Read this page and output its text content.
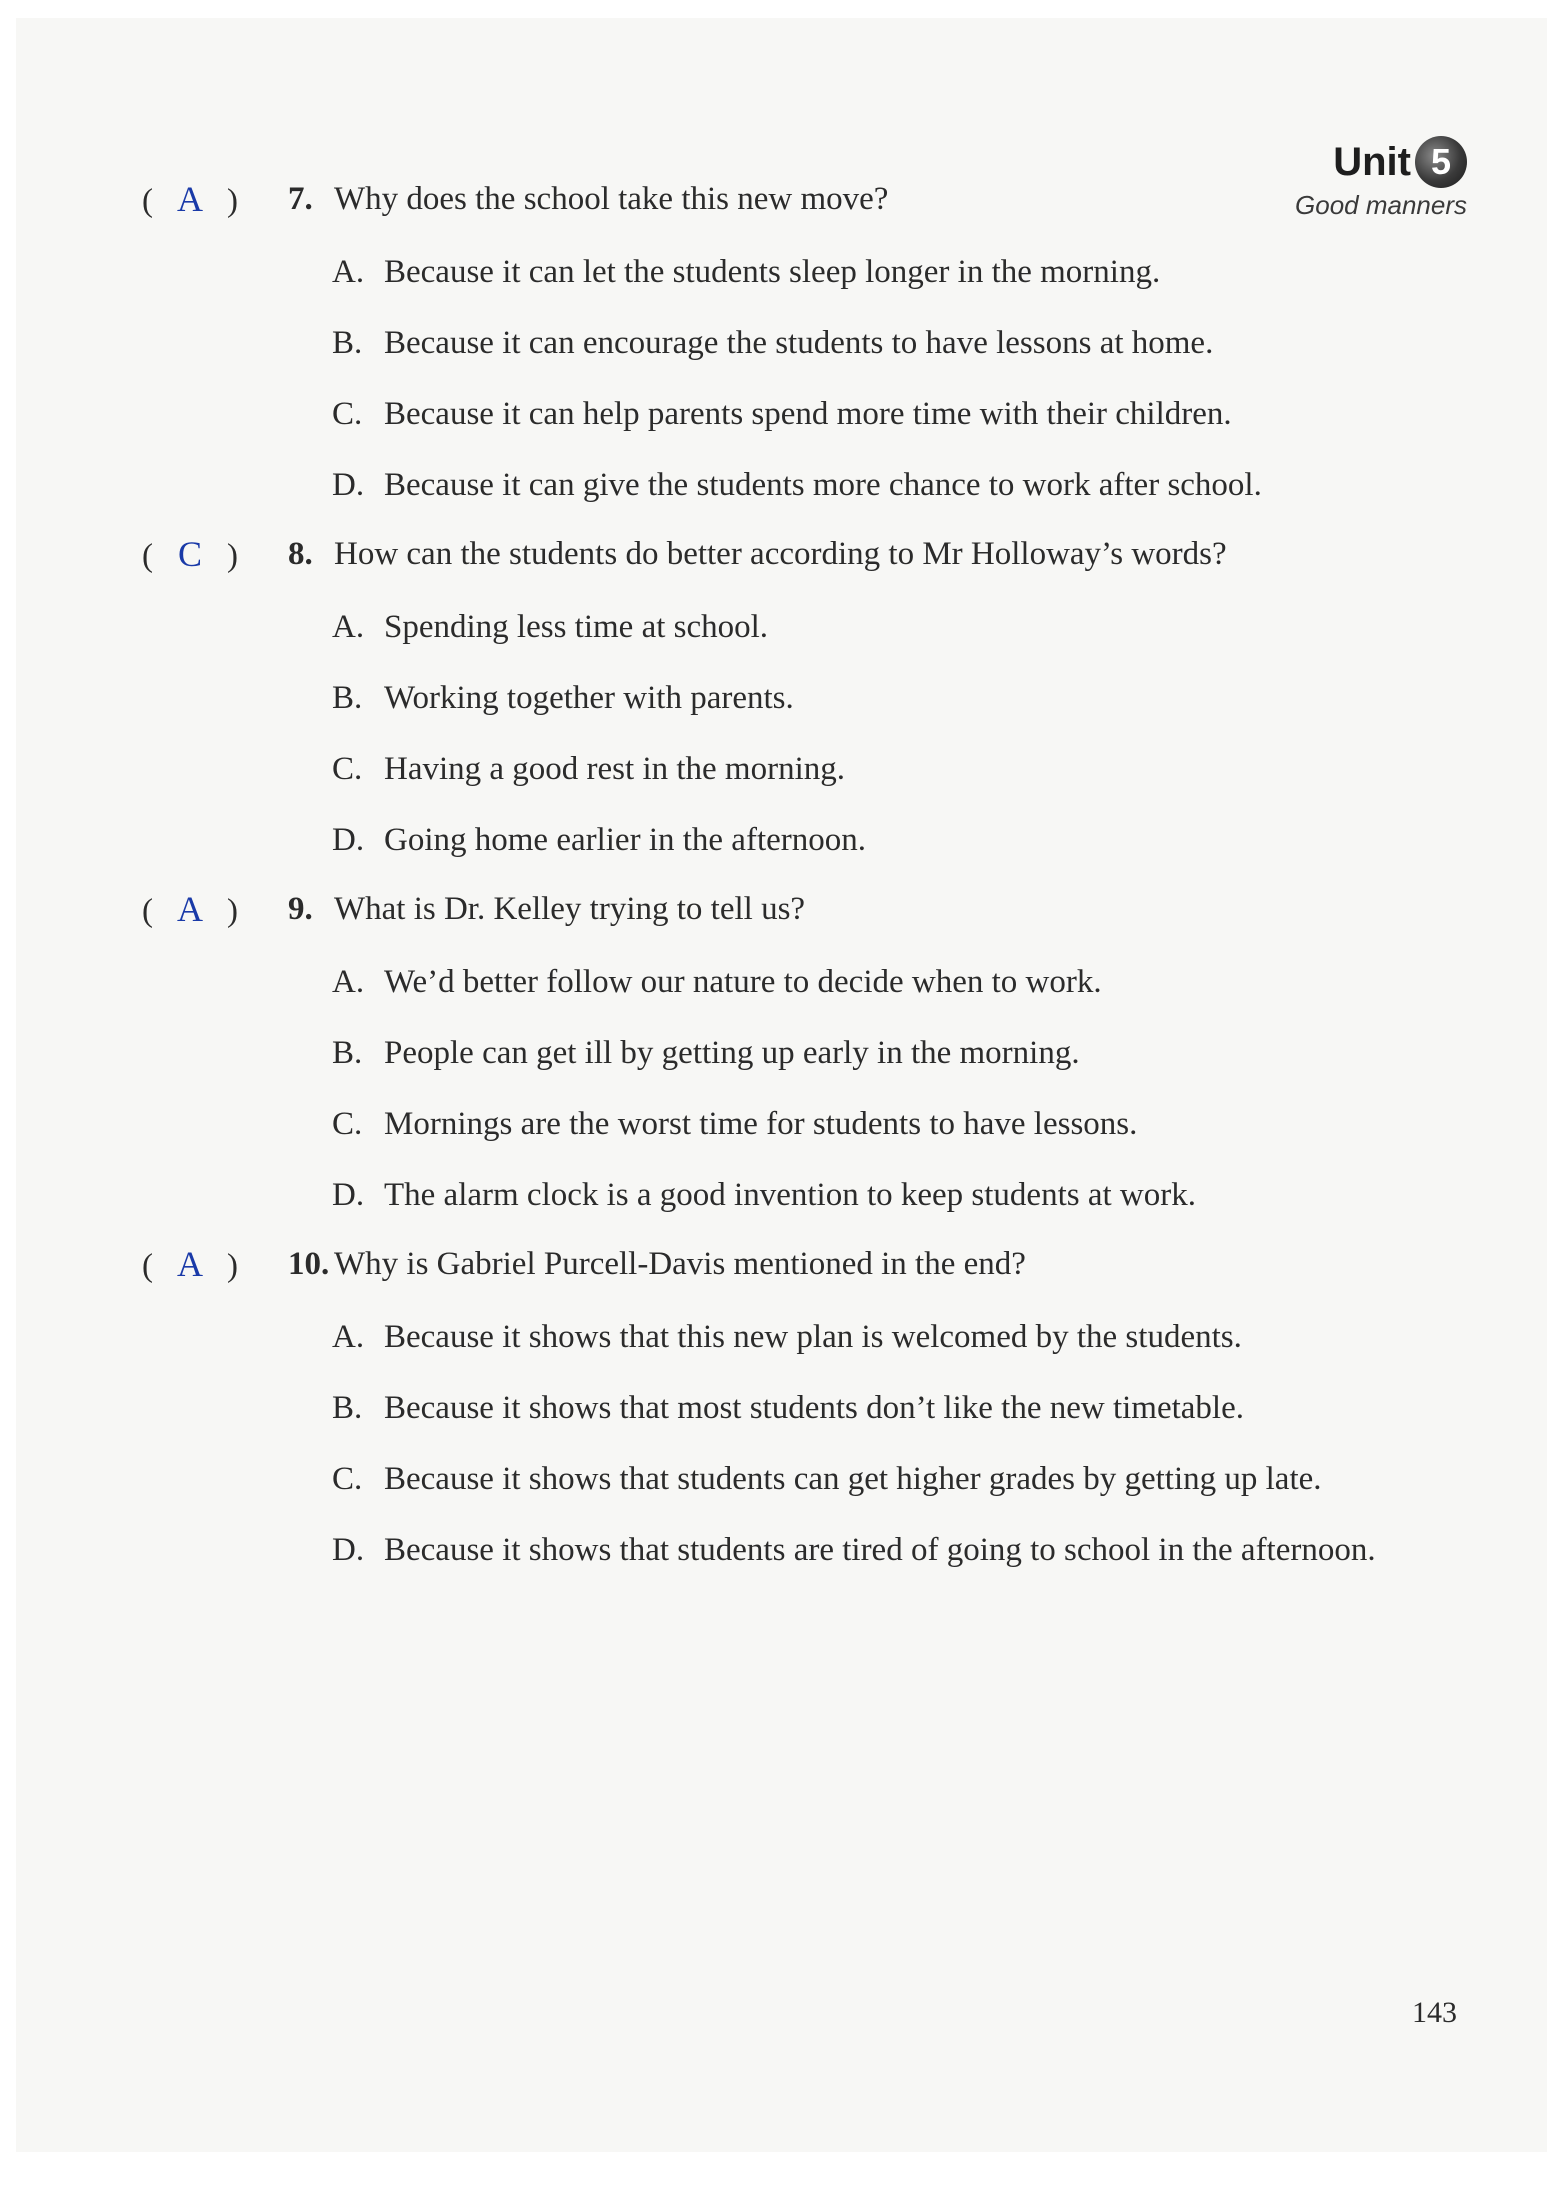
Unit 5
Good manners
( A )	7. Why does the school take this new move?
A. Because it can let the students sleep longer in the morning.
B. Because it can encourage the students to have lessons at home.
C. Because it can help parents spend more time with their children.
D. Because it can give the students more chance to work after school.
( C )	8. How can the students do better according to Mr Holloway’s words?
A. Spending less time at school.
B. Working together with parents.
C. Having a good rest in the morning.
D. Going home earlier in the afternoon.
( A )	9. What is Dr. Kelley trying to tell us?
A. We’d better follow our nature to decide when to work.
B. People can get ill by getting up early in the morning.
C. Mornings are the worst time for students to have lessons.
D. The alarm clock is a good invention to keep students at work.
( A )	10. Why is Gabriel Purcell-Davis mentioned in the end?
A. Because it shows that this new plan is welcomed by the students.
B. Because it shows that most students don’t like the new timetable.
C. Because it shows that students can get higher grades by getting up late.
D. Because it shows that students are tired of going to school in the afternoon.
143
